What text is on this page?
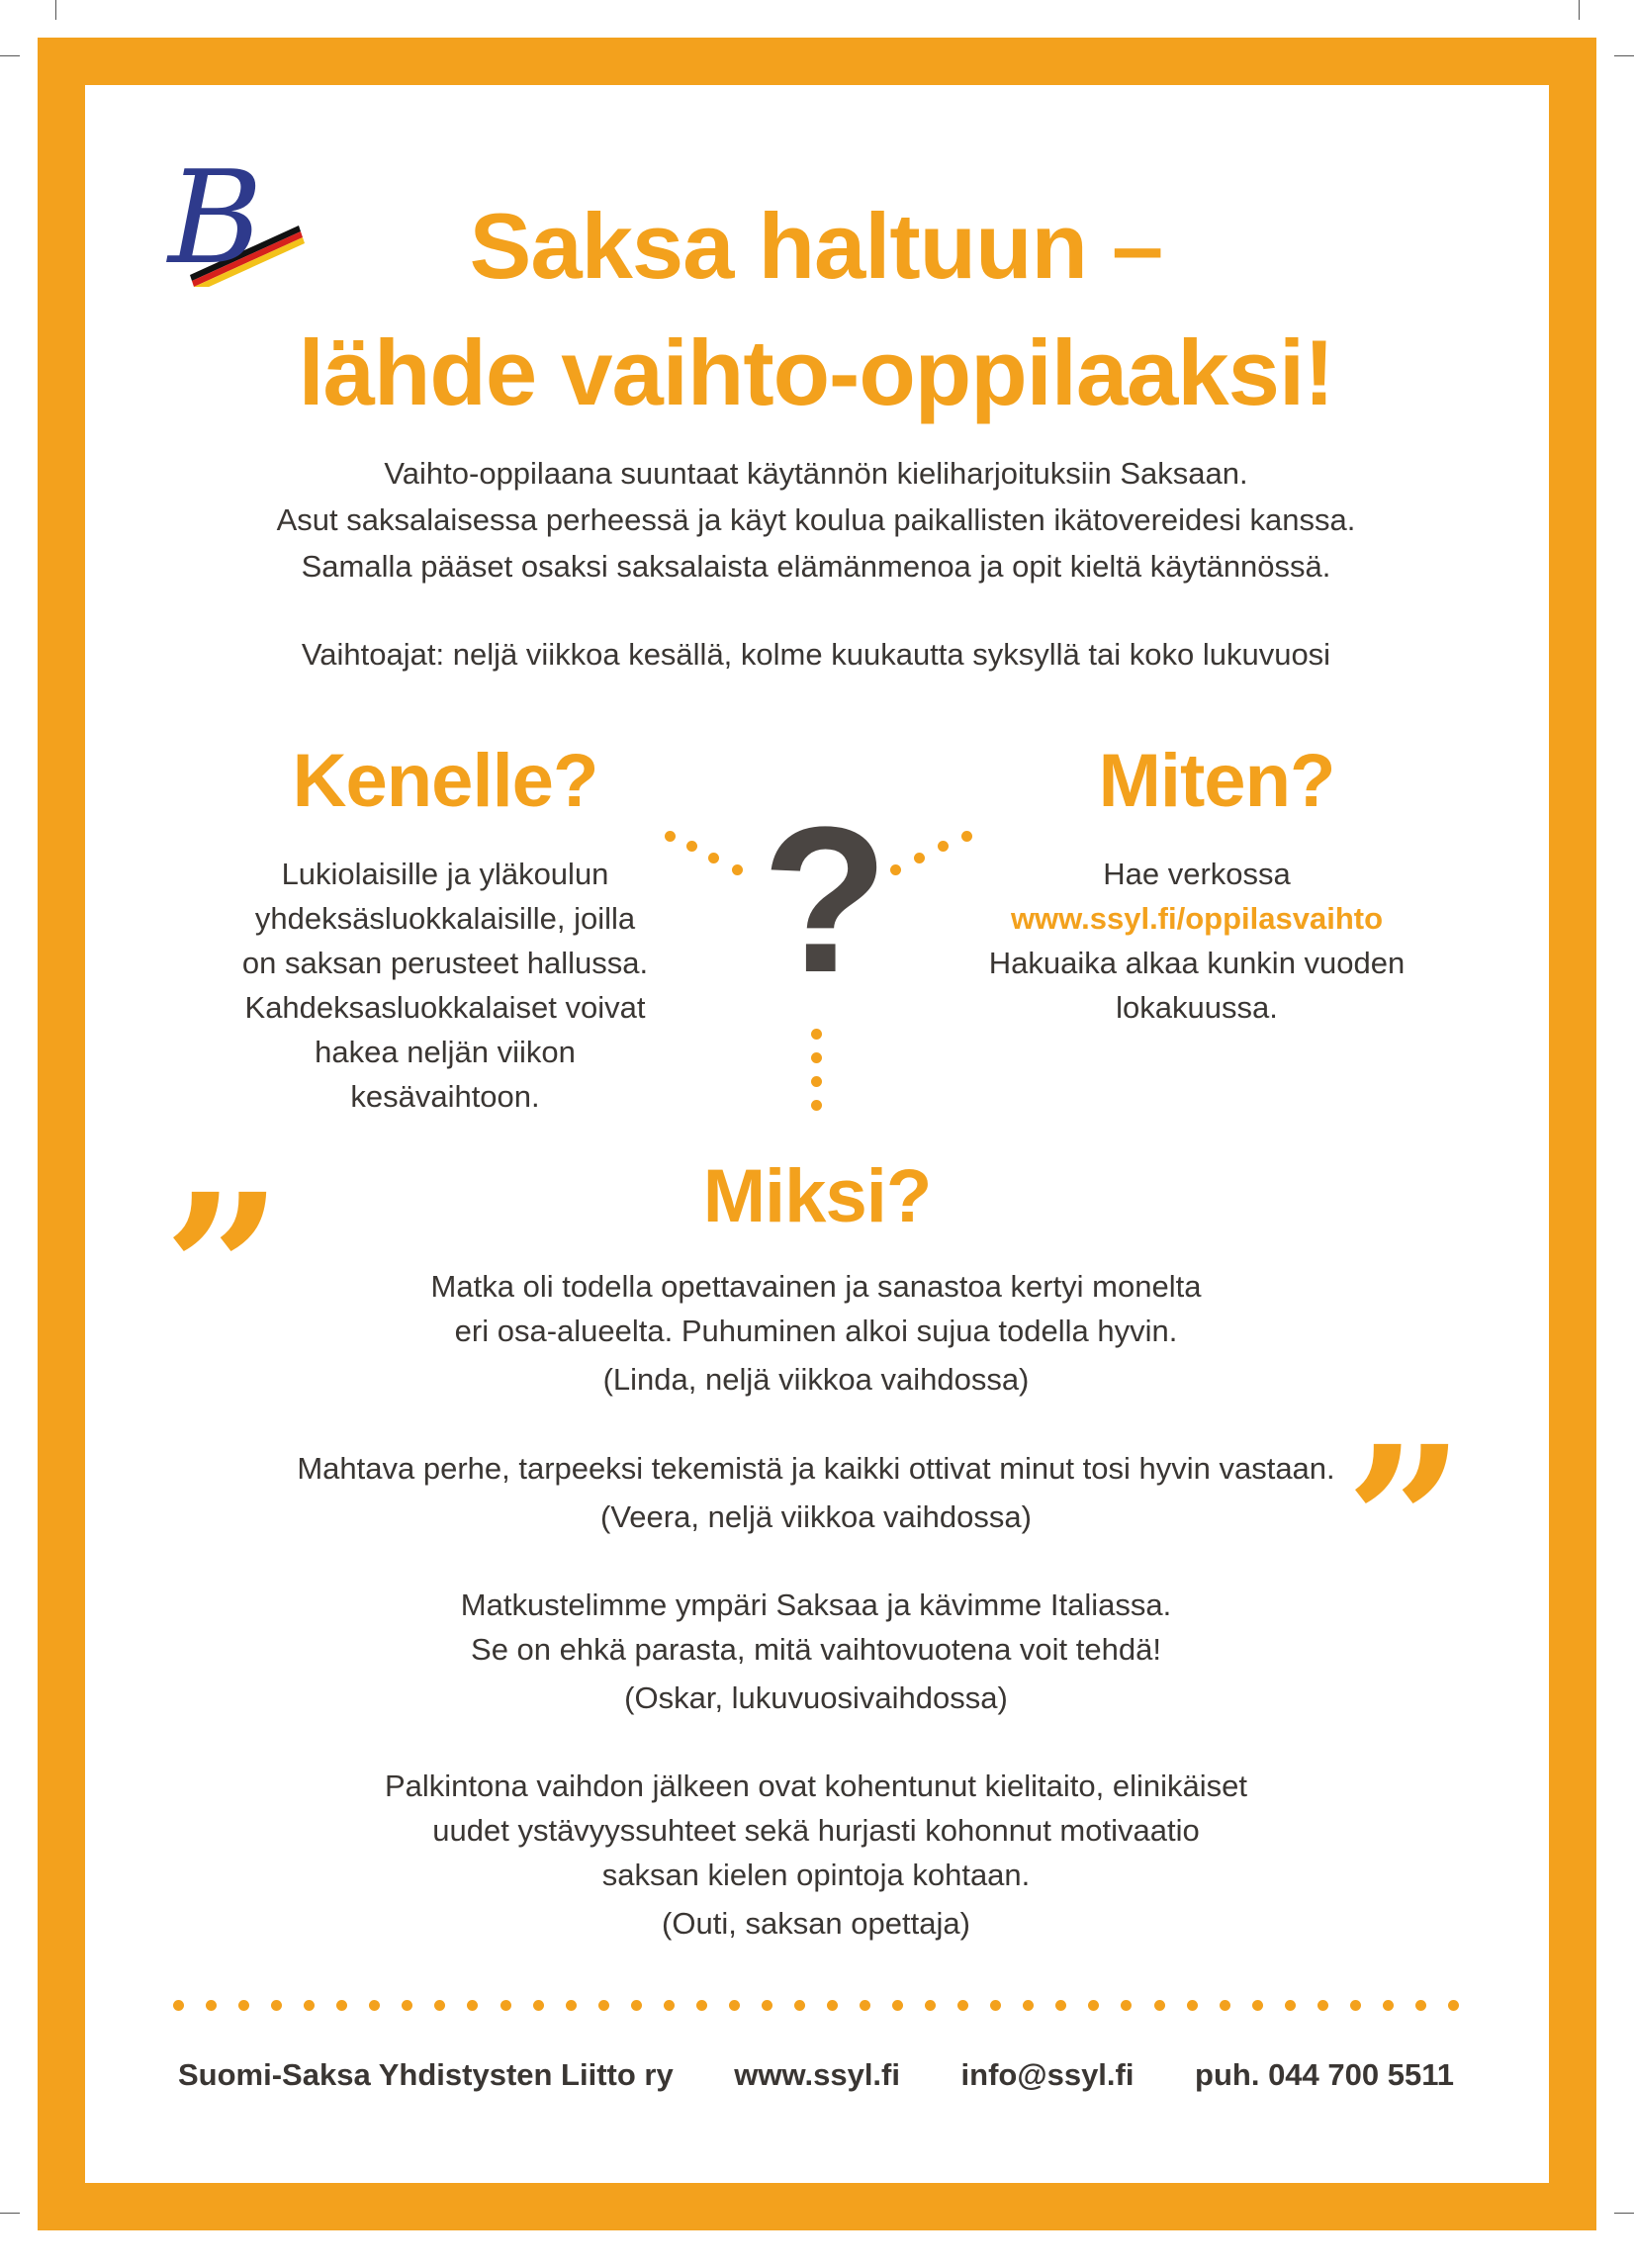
B	Saksa haltuun –
lähde vaihto-oppilaaksi!
Vaihto-oppilaana suuntaat käytännön kieliharjoituksiin Saksaan.
Asut saksalaisessa perheessä ja käyt koulua paikallisten ikätovereidesi kanssa.
Samalla pääset osaksi saksalaista elämänmenoa ja opit kieltä käytännössä.
Vaihtoajat: neljä viikkoa kesällä, kolme kuukautta syksyllä tai koko lukuvuosi
Kenelle?
Lukiolaisille ja yläkoulun
yhdeksäsluokkalaisille, joilla
on saksan perusteet hallussa.
Kahdeksasluokkalaiset voivat
hakea neljän viikon
kesävaihtoon.
?
Miten?
Hae verkossa
www.ssyl.fi/oppilasvaihto
Hakuaika alkaa kunkin vuoden
lokakuussa.
Miksi?
”
”
Matka oli todella opettavainen ja sanastoa kertyi monelta
eri osa-alueelta. Puhuminen alkoi sujua todella hyvin.
(Linda, neljä viikkoa vaihdossa)
Mahtava perhe, tarpeeksi tekemistä ja kaikki ottivat minut tosi hyvin vastaan.
(Veera, neljä viikkoa vaihdossa)
Matkustelimme ympäri Saksaa ja kävimme Italiassa.
Se on ehkä parasta, mitä vaihtovuotena voit tehdä!
(Oskar, lukuvuosivaihdossa)
Palkintona vaihdon jälkeen ovat kohentunut kielitaito, elinikäiset
uudet ystävyyssuhteet sekä hurjasti kohonnut motivaatio
saksan kielen opintoja kohtaan.
(Outi, saksan opettaja)
Suomi-Saksa Yhdistysten Liitto ry www.ssyl.fi info@ssyl.fi puh. 044 700 5511
